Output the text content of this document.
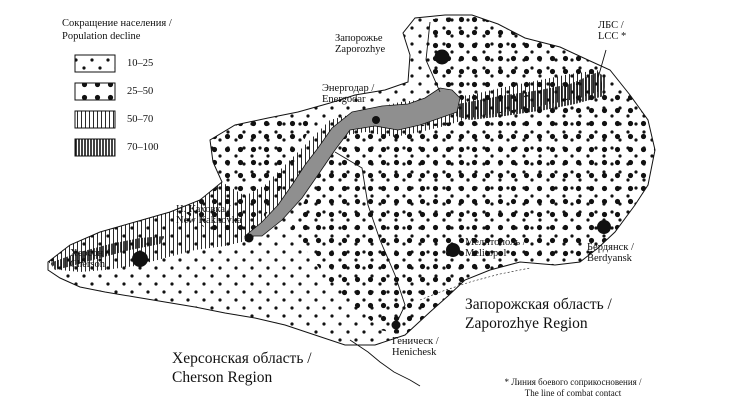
Сокращение населения /
Population decline
10–25
25–50
50–70
70–100
Запорожье
Zaporozhye
Энергодар /
Energodar
Н. Каховка /
New Kakhovka
Херсон /
Cherson
Мелитополь /
Melitopol
Бердянск /
Berdyansk
Геническ /
Henichesk
ЛБС /
LCC *
Запорожская область /
Zaporozhye Region
Херсонская область /
Cherson Region	* Линия боевого соприкосновения /
The line of combat contact
